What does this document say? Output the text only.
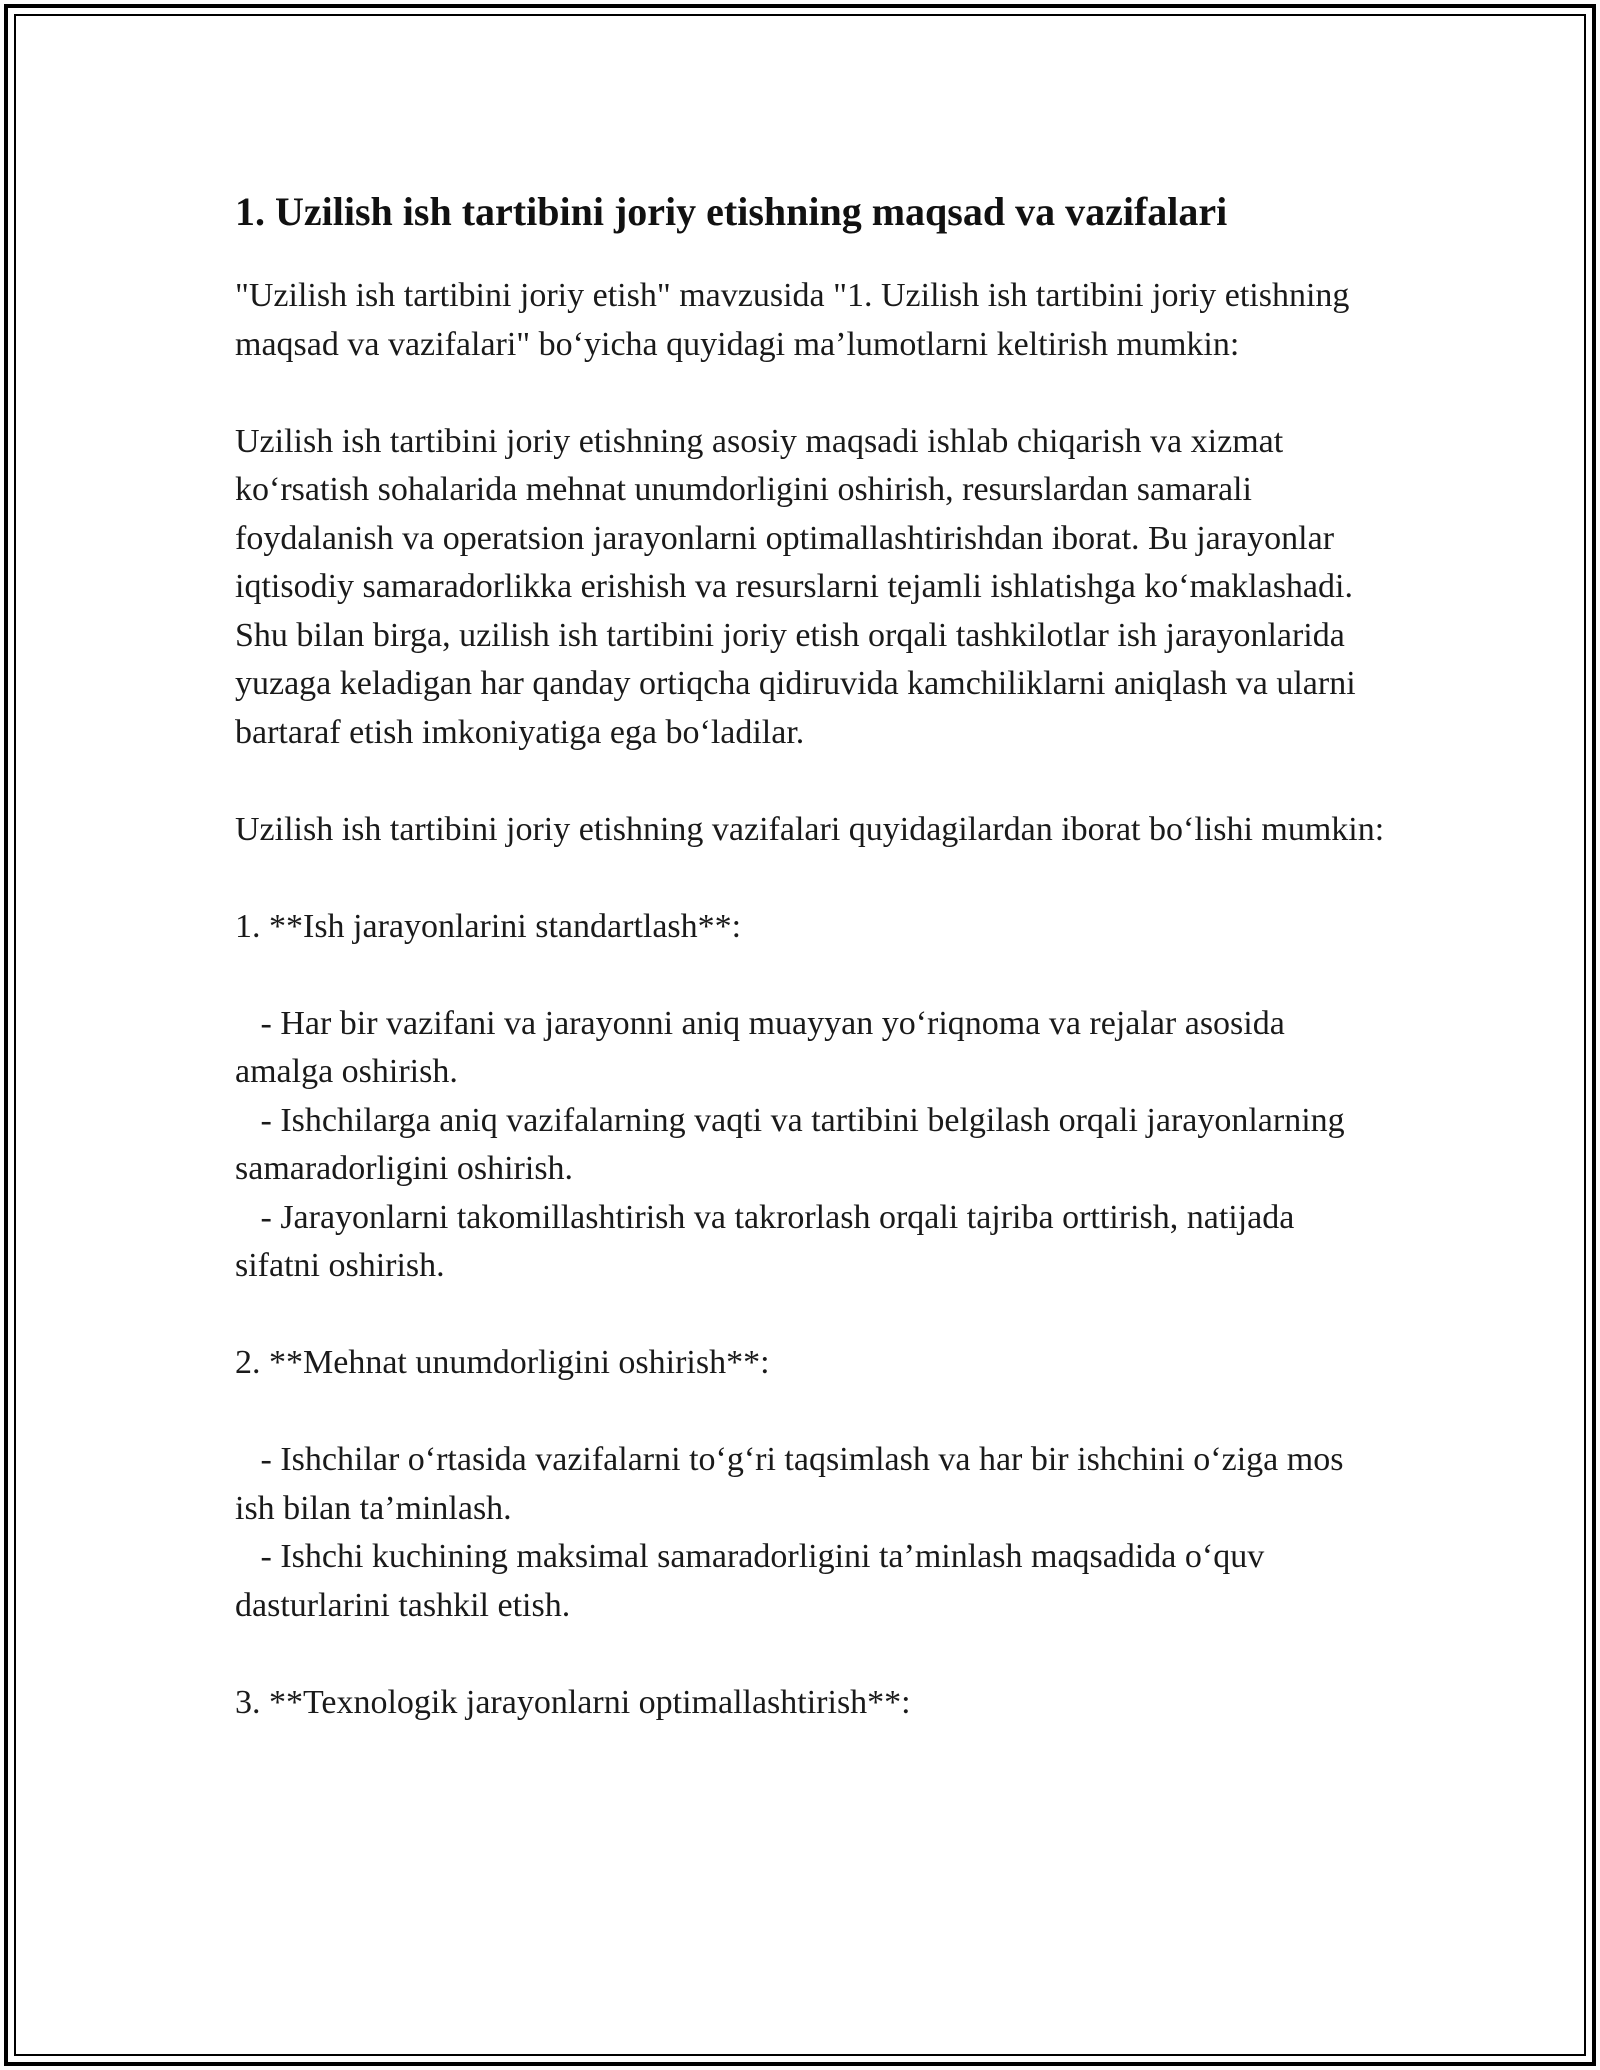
1. Uzilish ish tartibini joriy etishning maqsad va vazifalari

"Uzilish ish tartibini joriy etish" mavzusida "1. Uzilish ish tartibini joriy etishning maqsad va vazifalari" bo‘yicha quyidagi ma’lumotlarni keltirish mumkin:

Uzilish ish tartibini joriy etishning asosiy maqsadi ishlab chiqarish va xizmat ko‘rsatish sohalarida mehnat unumdorligini oshirish, resurslardan samarali foydalanish va operatsion jarayonlarni optimallashtirishdan iborat. Bu jarayonlar iqtisodiy samaradorlikka erishish va resurslarni tejamli ishlatishga ko‘maklashadi. Shu bilan birga, uzilish ish tartibini joriy etish orqali tashkilotlar ish jarayonlarida yuzaga keladigan har qanday ortiqcha qidiruvida kamchiliklarni aniqlash va ularni bartaraf etish imkoniyatiga ega bo‘ladilar.

Uzilish ish tartibini joriy etishning vazifalari quyidagilardan iborat bo‘lishi mumkin:

1. **Ish jarayonlarini standartlash**:

- Har bir vazifani va jarayonni aniq muayyan yo‘riqnoma va rejalar asosida amalga oshirish.

- Ishchilarga aniq vazifalarning vaqti va tartibini belgilash orqali jarayonlarning samaradorligini oshirish.

- Jarayonlarni takomillashtirish va takrorlash orqali tajriba orttirish, natijada sifatni oshirish.

2. **Mehnat unumdorligini oshirish**:

- Ishchilar o‘rtasida vazifalarni to‘g‘ri taqsimlash va har bir ishchini o‘ziga mos ish bilan ta’minlash.

- Ishchi kuchining maksimal samaradorligini ta’minlash maqsadida o‘quv dasturlarini tashkil etish.

3. **Texnologik jarayonlarni optimallashtirish**:
